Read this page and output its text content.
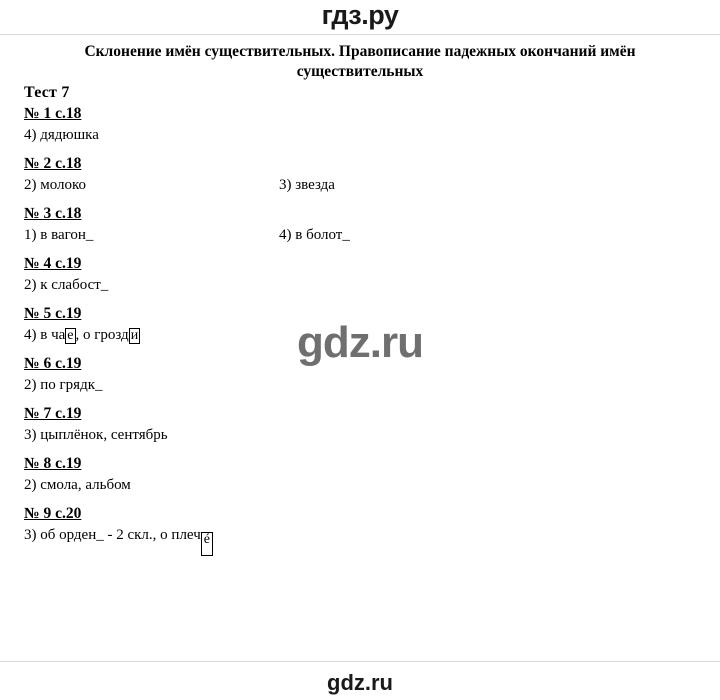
гдз.ру
Склонение имён существительных. Правописание падежных окончаний имён существительных
Тест 7
№ 1 с.18
4) дядюшка
№ 2 с.18
2) молоко	3) звезда
№ 3 с.18
1) в вагон_	4) в болот_
№ 4 с.19
2) к слабост_
№ 5 с.19
4) в ча е , о грозд и
№ 6 с.19
2) по грядк_
№ 7 с.19
3) цыплёнок, сентябрь
№ 8 с.19
2) смола, альбом
№ 9 с.20
3) об орден_ - 2 скл., о плеч é
gdz.ru
gdz.ru
